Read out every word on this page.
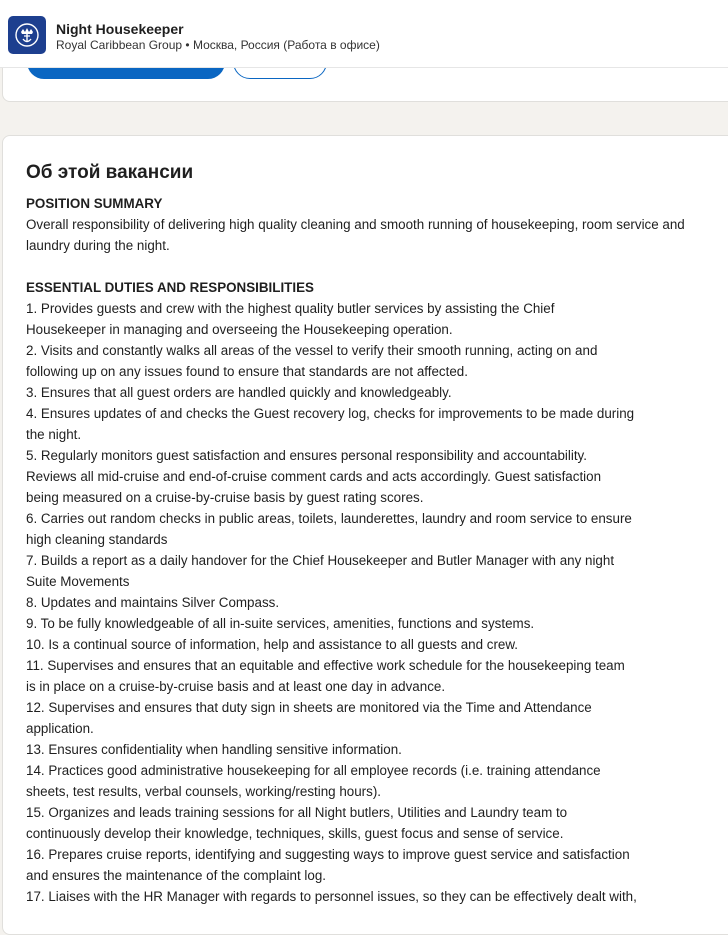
Night Housekeeper
Royal Caribbean Group • Москва, Россия (Работа в офисе)
Об этой вакансии
POSITION SUMMARY
Overall responsibility of delivering high quality cleaning and smooth running of housekeeping, room service and
laundry during the night.
ESSENTIAL DUTIES AND RESPONSIBILITIES
1. Provides guests and crew with the highest quality butler services by assisting the Chief
Housekeeper in managing and overseeing the Housekeeping operation.
2. Visits and constantly walks all areas of the vessel to verify their smooth running, acting on and
following up on any issues found to ensure that standards are not affected.
3. Ensures that all guest orders are handled quickly and knowledgeably.
4. Ensures updates of and checks the Guest recovery log, checks for improvements to be made during
the night.
5. Regularly monitors guest satisfaction and ensures personal responsibility and accountability.
Reviews all mid-cruise and end-of-cruise comment cards and acts accordingly. Guest satisfaction
being measured on a cruise-by-cruise basis by guest rating scores.
6. Carries out random checks in public areas, toilets, launderettes, laundry and room service to ensure
high cleaning standards
7. Builds a report as a daily handover for the Chief Housekeeper and Butler Manager with any night
Suite Movements
8. Updates and maintains Silver Compass.
9. To be fully knowledgeable of all in-suite services, amenities, functions and systems.
10. Is a continual source of information, help and assistance to all guests and crew.
11. Supervises and ensures that an equitable and effective work schedule for the housekeeping team
is in place on a cruise-by-cruise basis and at least one day in advance.
12. Supervises and ensures that duty sign in sheets are monitored via the Time and Attendance
application.
13. Ensures confidentiality when handling sensitive information.
14. Practices good administrative housekeeping for all employee records (i.e. training attendance
sheets, test results, verbal counsels, working/resting hours).
15. Organizes and leads training sessions for all Night butlers, Utilities and Laundry team to
continuously develop their knowledge, techniques, skills, guest focus and sense of service.
16. Prepares cruise reports, identifying and suggesting ways to improve guest service and satisfaction
and ensures the maintenance of the complaint log.
17. Liaises with the HR Manager with regards to personnel issues, so they can be effectively dealt with,
